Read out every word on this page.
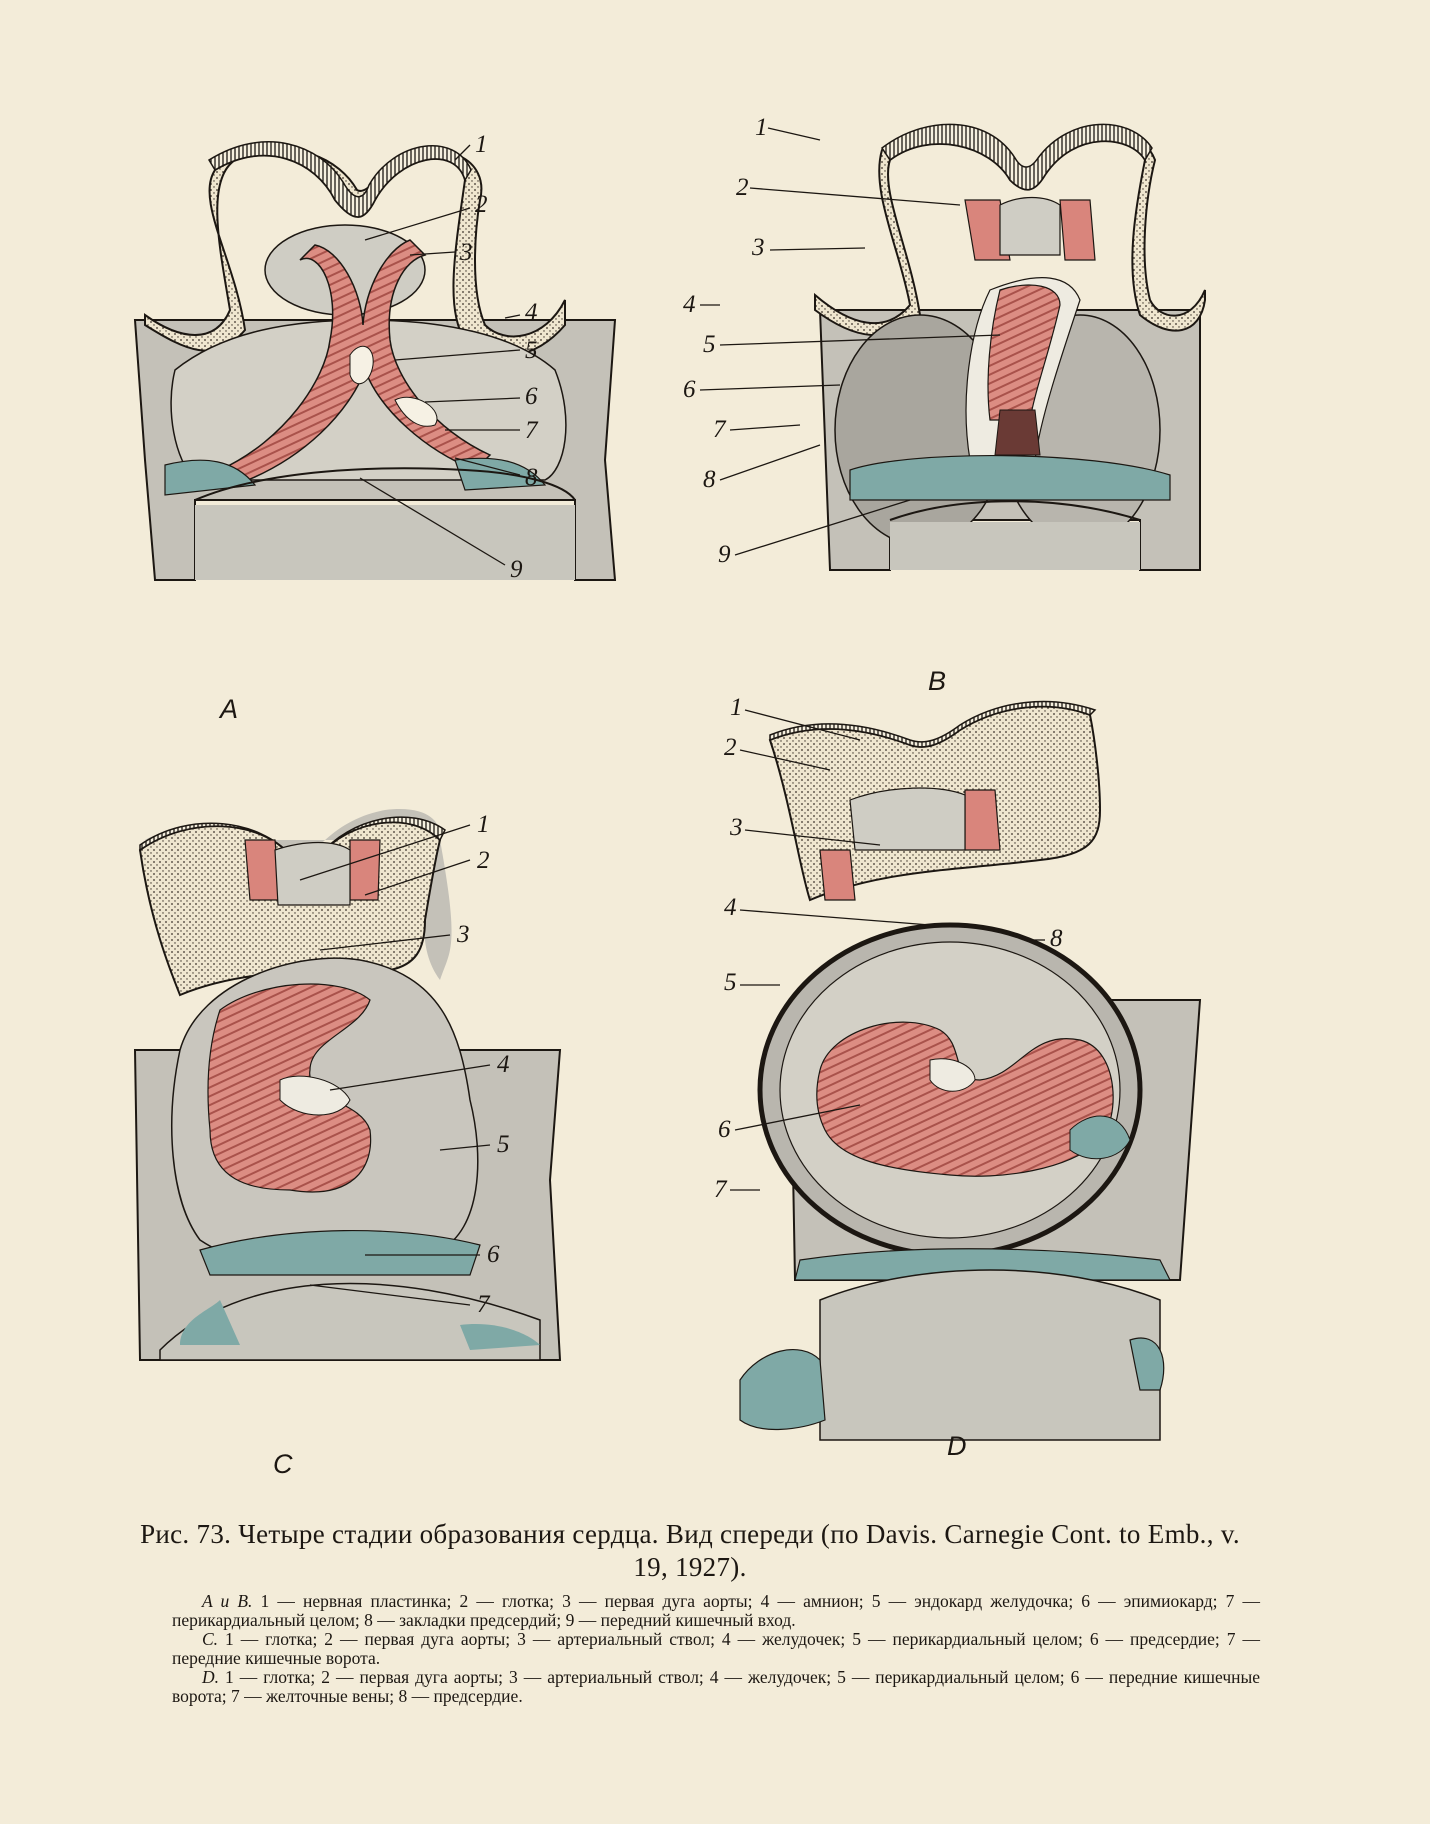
1
2
3
4
5
6
7
8
9
A
1
2
3
4
5
6
7
8
9
B
1
2
3
4
5
6
7
C
1
2
3
4
5
6
7
8
D
Рис. 73. Четыре стадии образования сердца. Вид спереди (по Davis. Carnegie Cont. to Emb., v. 19, 1927).

A и B. 1 — нервная пластинка; 2 — глотка; 3 — первая дуга аорты; 4 — амнион; 5 — эндокард желудочка; 6 — эпимиокард; 7 — перикардиальный целом; 8 — закладки предсердий; 9 — передний кишечный вход.

C. 1 — глотка; 2 — первая дуга аорты; 3 — артериальный ствол; 4 — желудочек; 5 — перикардиальный целом; 6 — предсердие; 7 — передние кишечные ворота.

D. 1 — глотка; 2 — первая дуга аорты; 3 — артериальный ствол; 4 — желудочек; 5 — перикардиальный целом; 6 — передние кишечные ворота; 7 — желточные вены; 8 — предсердие.
